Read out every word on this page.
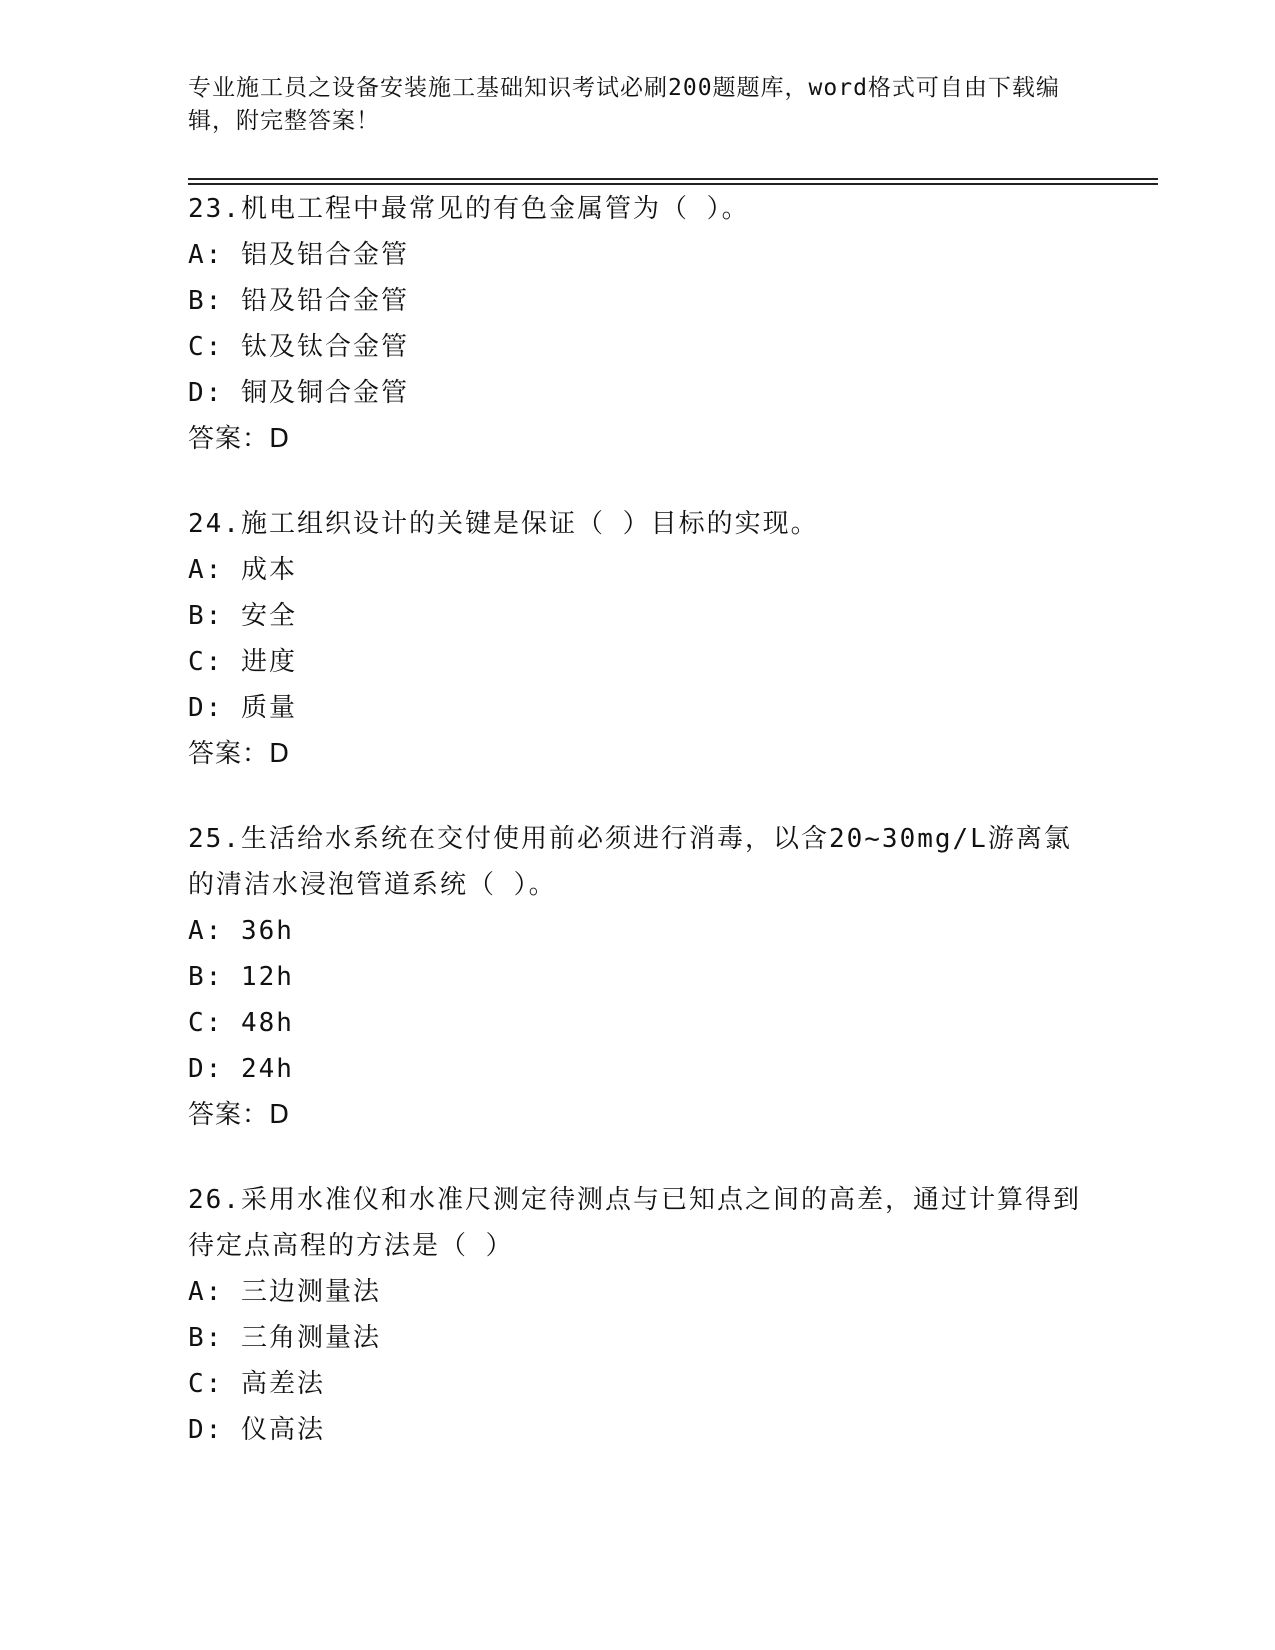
专业施工员之设备安装施工基础知识考试必刷200题题库，word格式可自由下载编辑，附完整答案！
23.机电工程中最常见的有色金属管为（ ）。
A: 铝及铝合金管
B: 铅及铅合金管
C: 钛及钛合金管
D: 铜及铜合金管
答案：D
24.施工组织设计的关键是保证（ ）目标的实现。
A: 成本
B: 安全
C: 进度
D: 质量
答案：D
25.生活给水系统在交付使用前必须进行消毒，以含20~30mg/L游离氯的清洁水浸泡管道系统（ ）。
A: 36h
B: 12h
C: 48h
D: 24h
答案：D
26.采用水准仪和水准尺测定待测点与已知点之间的高差，通过计算得到待定点高程的方法是（ ）
A: 三边测量法
B: 三角测量法
C: 高差法
D: 仪高法
